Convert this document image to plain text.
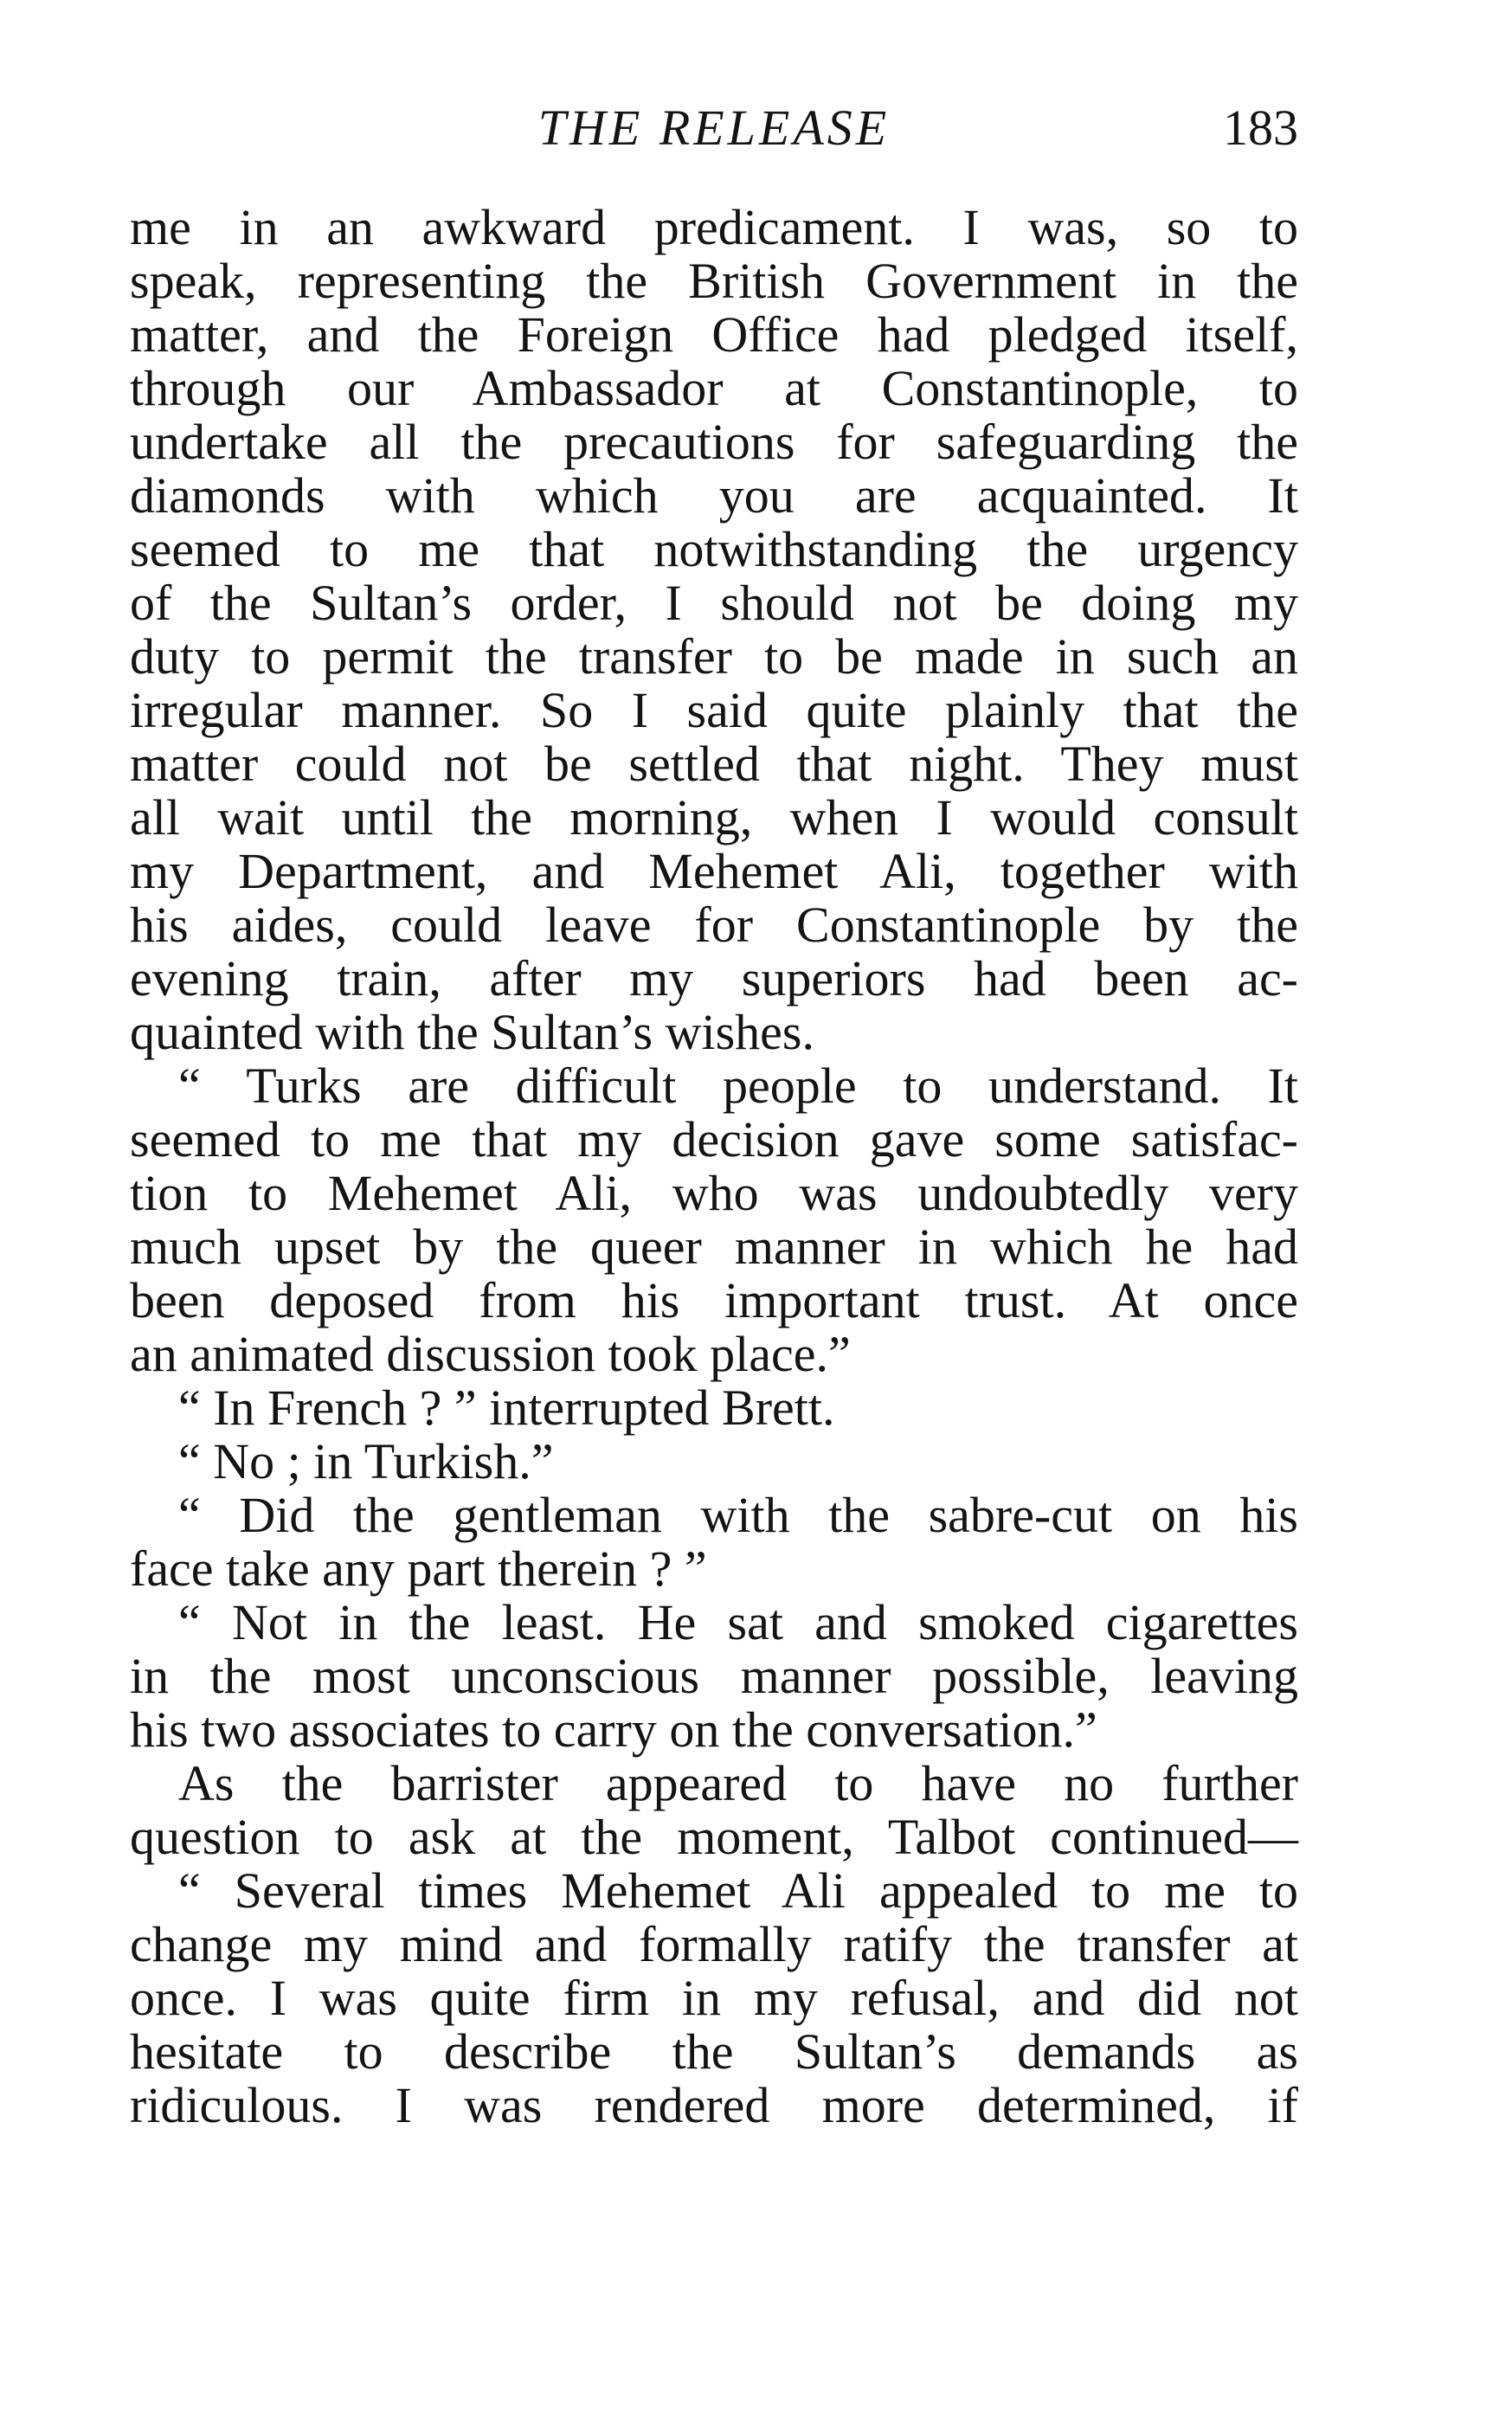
THE RELEASE	183
me in an awkward predicament. I was, so to
speak, representing the British Government in the
matter, and the Foreign Office had pledged itself,
through our Ambassador at Constantinople, to
undertake all the precautions for safeguarding the
diamonds with which you are acquainted. It
seemed to me that notwithstanding the urgency
of the Sultan’s order, I should not be doing my
duty to permit the transfer to be made in such an
irregular manner. So I said quite plainly that the
matter could not be settled that night. They must
all wait until the morning, when I would consult
my Department, and Mehemet Ali, together with
his aides, could leave for Constantinople by the
evening train, after my superiors had been ac-
quainted with the Sultan’s wishes.
“ Turks are difficult people to understand. It
seemed to me that my decision gave some satisfac-
tion to Mehemet Ali, who was undoubtedly very
much upset by the queer manner in which he had
been deposed from his important trust. At once
an animated discussion took place.”
“ In French ? ” interrupted Brett.
“ No ; in Turkish.”
“ Did the gentleman with the sabre-cut on his
face take any part therein ? ”
“ Not in the least. He sat and smoked cigarettes
in the most unconscious manner possible, leaving
his two associates to carry on the conversation.”
As the barrister appeared to have no further
question to ask at the moment, Talbot continued—
“ Several times Mehemet Ali appealed to me to
change my mind and formally ratify the transfer at
once. I was quite firm in my refusal, and did not
hesitate to describe the Sultan’s demands as
ridiculous. I was rendered more determined, if
